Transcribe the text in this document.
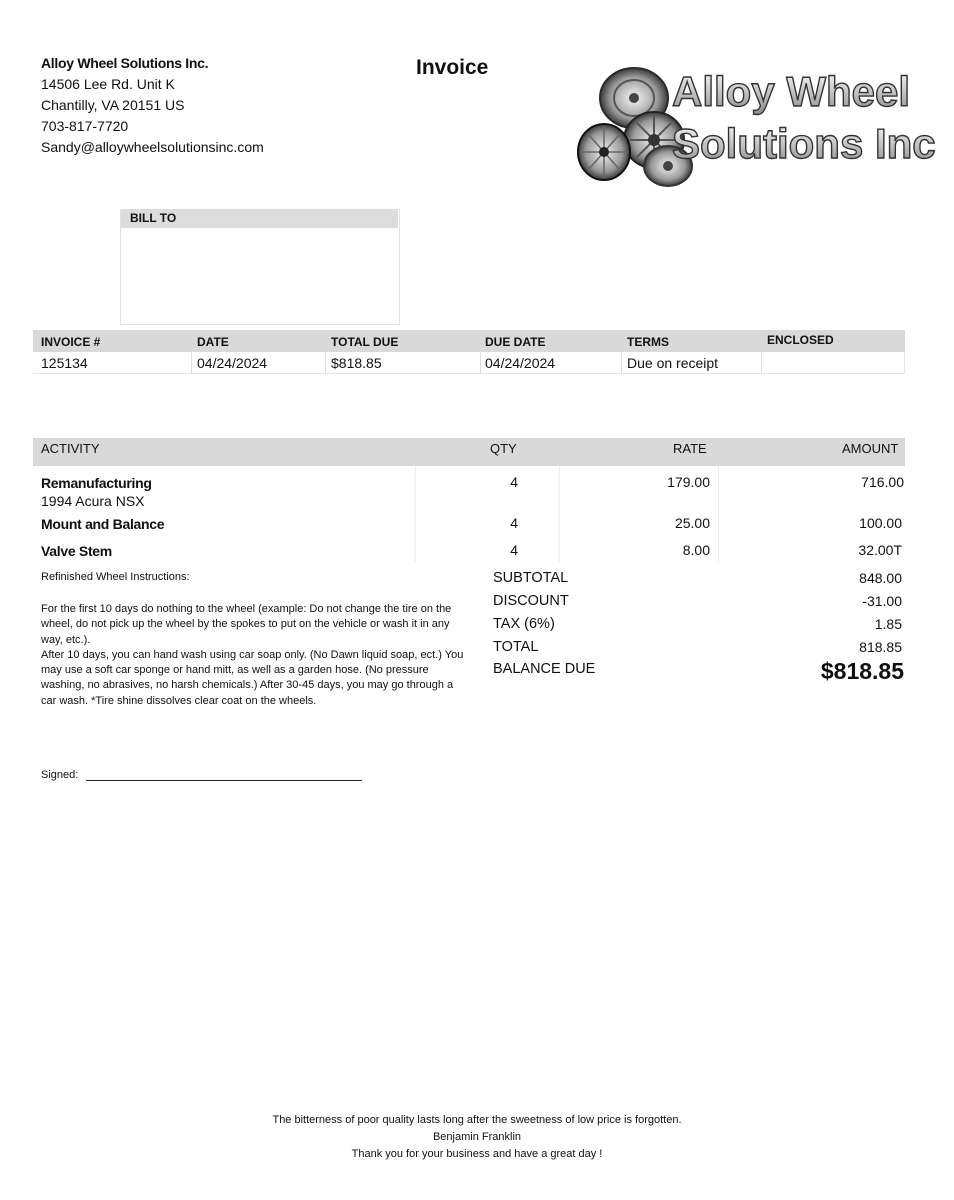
Alloy Wheel Solutions Inc.
14506 Lee Rd. Unit K
Chantilly, VA 20151 US
703-817-7720
Sandy@alloywheelsolutionsinc.com
Invoice
Alloy Wheel
Solutions Inc
BILL TO
INVOICE #	DATE	TOTAL DUE	DUE DATE	TERMS	ENCLOSED
125134	04/24/2024	$818.85	04/24/2024	Due on receipt
ACTIVITY	QTY	RATE	AMOUNT
Remanufacturing
1994 Acura NSX
4	179.00	716.00
Mount and Balance	4	25.00	100.00
Valve Stem	4	8.00	32.00T
Refinished Wheel Instructions:
For the first 10 days do nothing to the wheel (example: Do not change the tire on the wheel, do not pick up the wheel by the spokes to put on the vehicle or wash it in any way, etc.).
After 10 days, you can hand wash using car soap only. (No Dawn liquid soap, ect.) You may use a soft car sponge or hand mitt, as well as a garden hose. (No pressure washing, no abrasives, no harsh chemicals.) After 30-45 days, you may go through a car wash. *Tire shine dissolves clear coat on the wheels.
Signed:
SUBTOTAL	848.00
DISCOUNT	-31.00
TAX (6%)	1.85
TOTAL	818.85
BALANCE DUE	$818.85
The bitterness of poor quality lasts long after the sweetness of low price is forgotten.
Benjamin Franklin
Thank you for your business and have a great day !
